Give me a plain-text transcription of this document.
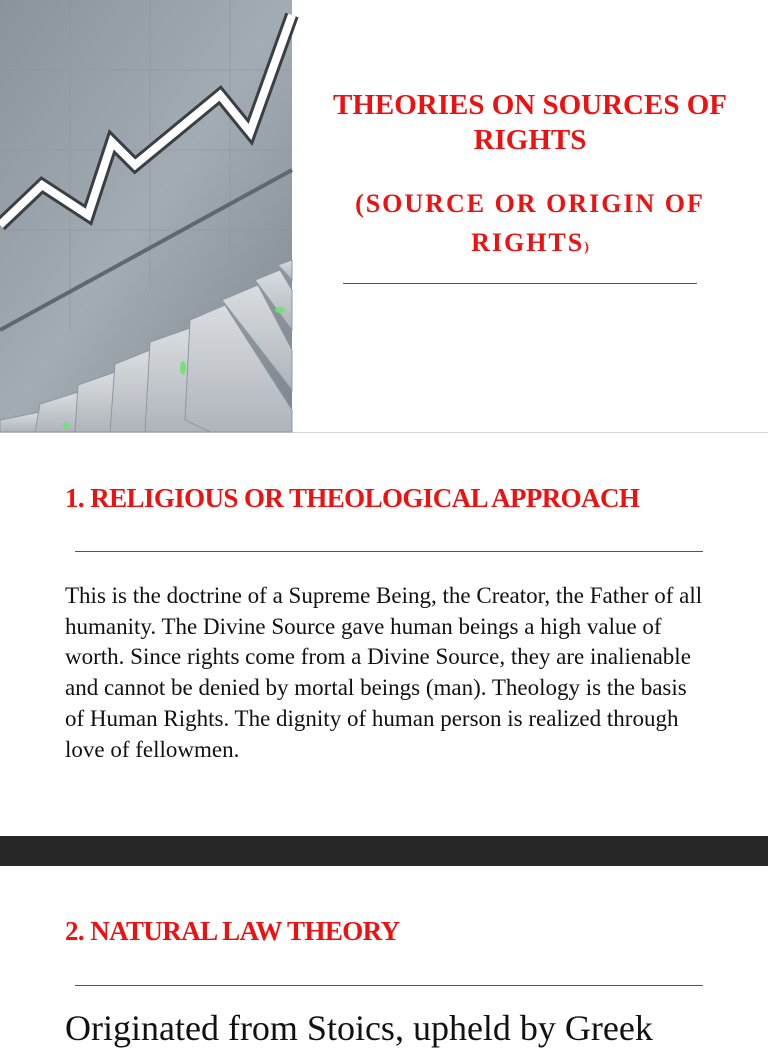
THEORIES ON SOURCES OF RIGHTS

(SOURCE OR ORIGIN OF RIGHTS)

1. RELIGIOUS OR THEOLOGICAL APPROACH

This is the doctrine of a Supreme Being, the Creator, the Father of all humanity. The Divine Source gave human beings a high value of worth. Since rights come from a Divine Source, they are inalienable and cannot be denied by mortal beings (man). Theology is the basis of Human Rights. The dignity of human person is realized through love of fellowmen.

2. NATURAL LAW THEORY

Originated from Stoics, upheld by Greek
